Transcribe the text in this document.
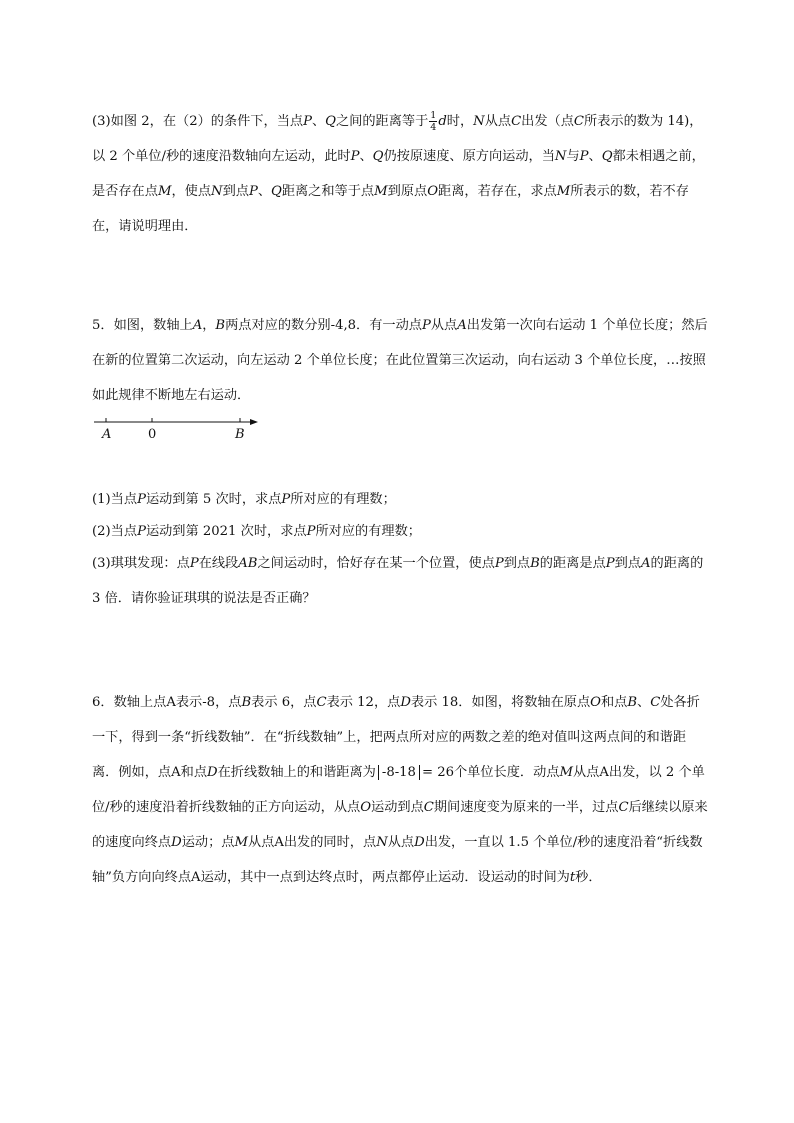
(3)如图 2，在（2）的条件下，当点P、Q之间的距离等于 $\frac{1}{4}$ d时，N从点C出发（点C所表示的数为 14)，以 2 个单位/秒的速度沿数轴向左运动，此时P、Q仍按原速度、原方向运动，当N与P、Q都未相遇之前，是否存在点M，使点N到点P、Q距离之和等于点M到原点O距离，若存在，求点M所表示的数，若不存在，请说明理由．

5．如图，数轴上A，B两点对应的数分别-4,8．有一动点P从点A出发第一次向右运动 1 个单位长度；然后在新的位置第二次运动，向左运动 2 个单位长度；在此位置第三次运动，向右运动 3 个单位长度，…按照如此规律不断地左右运动．

A	0	B

(1)当点P运动到第 5 次时，求点P所对应的有理数；

(2)当点P运动到第 2021 次时，求点P所对应的有理数；

(3)琪琪发现：点P在线段AB之间运动时，恰好存在某一个位置，使点P到点B的距离是点P到点A的距离的 3 倍．请你验证琪琪的说法是否正确？

6．数轴上点A表示-8，点B表示 6，点C表示 12，点D表示 18．如图，将数轴在原点O和点B、C处各折一下，得到一条“折线数轴”．在“折线数轴”上，把两点所对应的两数之差的绝对值叫这两点间的和谐距离．例如，点A和点D在折线数轴上的和谐距离为 -8-18 = 26个单位长度．动点M从点A出发，以 2 个单位/秒的速度沿着折线数轴的正方向运动，从点O运动到点C期间速度变为原来的一半，过点C后继续以原来的速度向终点D运动；点M从点A出发的同时，点N从点D出发，一直以 1.5 个单位/秒的速度沿着“折线数轴”负方向向终点A运动，其中一点到达终点时，两点都停止运动．设运动的时间为t秒．
